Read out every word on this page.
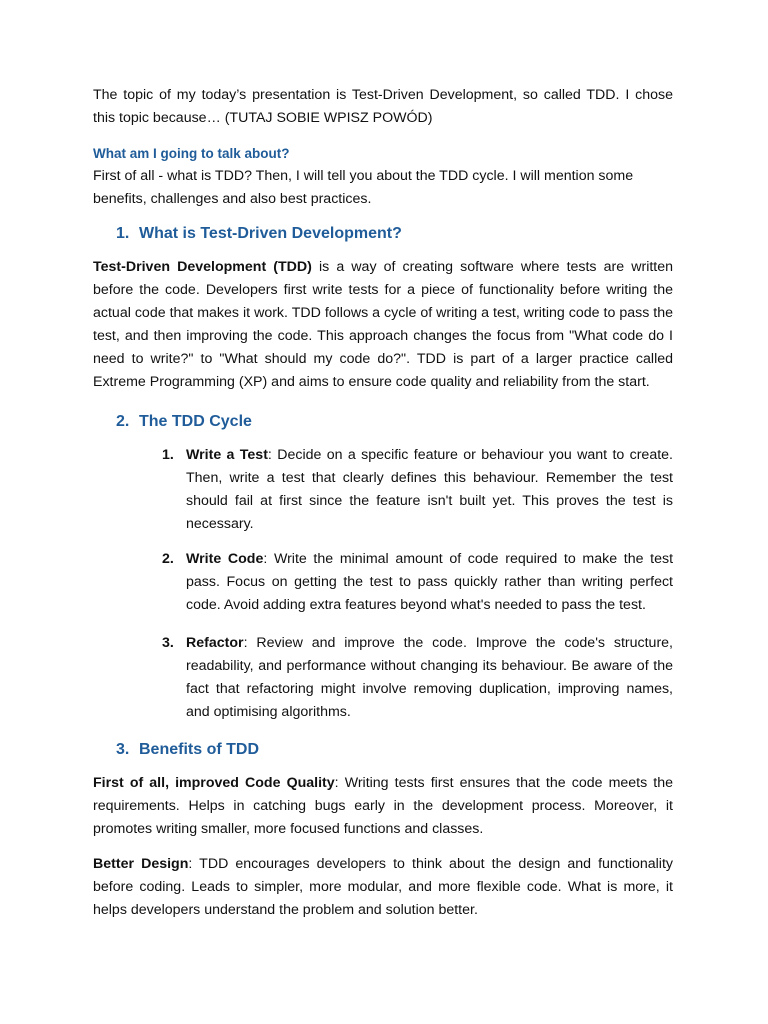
The topic of my today’s presentation is Test-Driven Development, so called TDD. I chose this topic because… (TUTAJ SOBIE WPISZ POWÓD)

What am I going to talk about?

First of all - what is TDD? Then, I will tell you about the TDD cycle. I will mention some benefits, challenges and also best practices.

1. What is Test-Driven Development?

Test-Driven Development (TDD) is a way of creating software where tests are written before the code. Developers first write tests for a piece of functionality before writing the actual code that makes it work. TDD follows a cycle of writing a test, writing code to pass the test, and then improving the code. This approach changes the focus from "What code do I need to write?" to "What should my code do?". TDD is part of a larger practice called Extreme Programming (XP) and aims to ensure code quality and reliability from the start.

2. The TDD Cycle
1. Write a Test: Decide on a specific feature or behaviour you want to create. Then, write a test that clearly defines this behaviour. Remember the test should fail at first since the feature isn't built yet. This proves the test is necessary.
2. Write Code: Write the minimal amount of code required to make the test pass. Focus on getting the test to pass quickly rather than writing perfect code. Avoid adding extra features beyond what's needed to pass the test.
3. Refactor: Review and improve the code. Improve the code's structure, readability, and performance without changing its behaviour. Be aware of the fact that refactoring might involve removing duplication, improving names, and optimising algorithms.
3. Benefits of TDD

First of all, improved Code Quality: Writing tests first ensures that the code meets the requirements. Helps in catching bugs early in the development process. Moreover, it promotes writing smaller, more focused functions and classes.

Better Design: TDD encourages developers to think about the design and functionality before coding. Leads to simpler, more modular, and more flexible code. What is more, it helps developers understand the problem and solution better.
